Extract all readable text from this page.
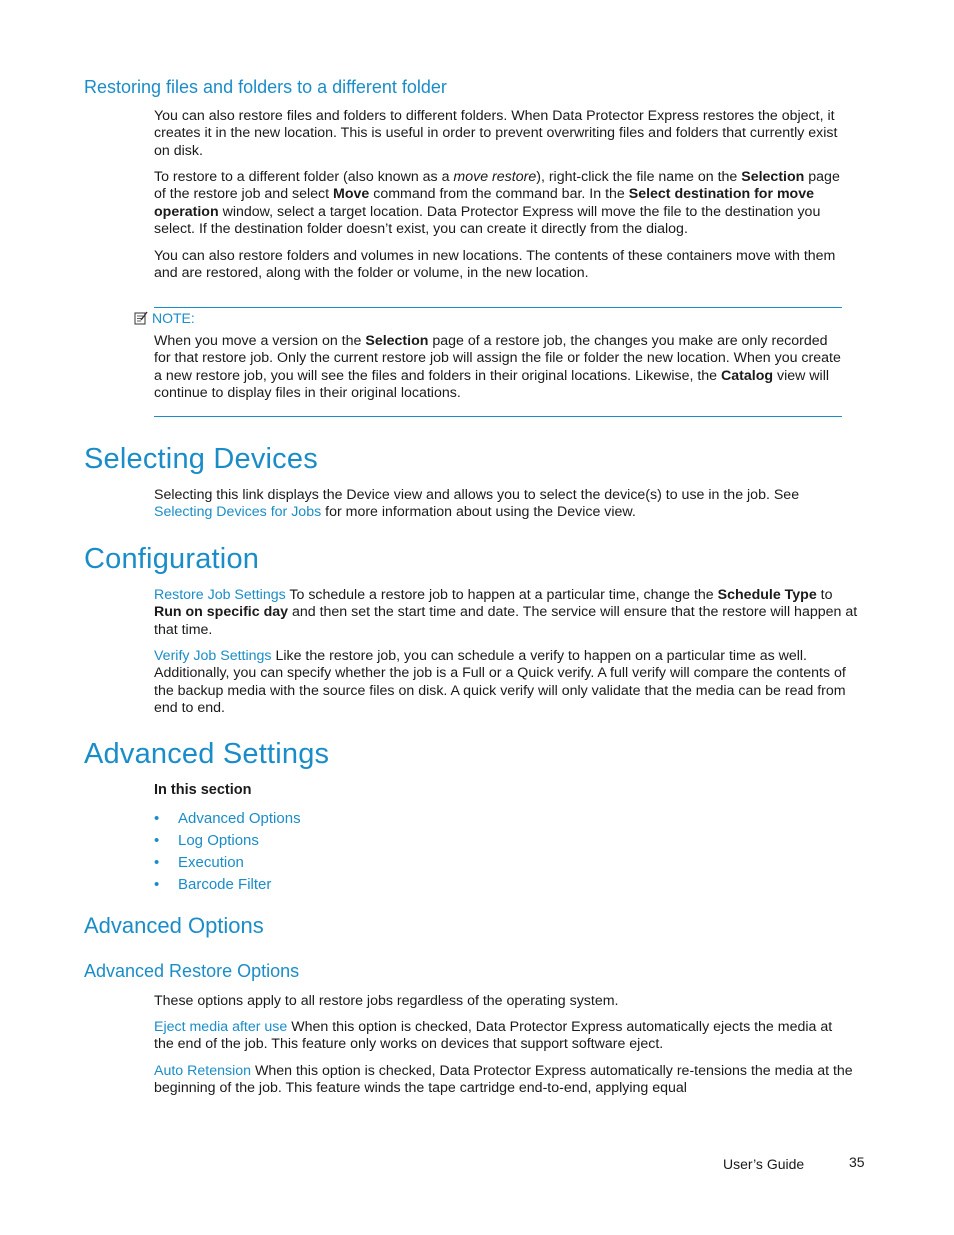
Restoring files and folders to a different folder

You can also restore files and folders to different folders. When Data Protector Express restores the object, it creates it in the new location. This is useful in order to prevent overwriting files and folders that currently exist on disk.

To restore to a different folder (also known as a move restore), right-click the file name on the Selection page of the restore job and select Move command from the command bar. In the Select destination for move operation window, select a target location. Data Protector Express will move the file to the destination you select. If the destination folder doesn’t exist, you can create it directly from the dialog.

You can also restore folders and volumes in new locations. The contents of these containers move with them and are restored, along with the folder or volume, in the new location.

NOTE:

When you move a version on the Selection page of a restore job, the changes you make are only recorded for that restore job. Only the current restore job will assign the file or folder the new location. When you create a new restore job, you will see the files and folders in their original locations. Likewise, the Catalog view will continue to display files in their original locations.

Selecting Devices

Selecting this link displays the Device view and allows you to select the device(s) to use in the job. See Selecting Devices for Jobs for more information about using the Device view.

Configuration

Restore Job Settings To schedule a restore job to happen at a particular time, change the Schedule Type to Run on specific day and then set the start time and date. The service will ensure that the restore will happen at that time.

Verify Job Settings Like the restore job, you can schedule a verify to happen on a particular time as well. Additionally, you can specify whether the job is a Full or a Quick verify. A full verify will compare the contents of the backup media with the source files on disk. A quick verify will only validate that the media can be read from end to end.

Advanced Settings
In this section
•	Advanced Options
•	Log Options
•	Execution
•	Barcode Filter
Advanced Options
Advanced Restore Options

These options apply to all restore jobs regardless of the operating system.

Eject media after use When this option is checked, Data Protector Express automatically ejects the media at the end of the job. This feature only works on devices that support software eject.

Auto Retension When this option is checked, Data Protector Express automatically re-tensions the media at the beginning of the job. This feature winds the tape cartridge end-to-end, applying equal

User’s Guide	35
